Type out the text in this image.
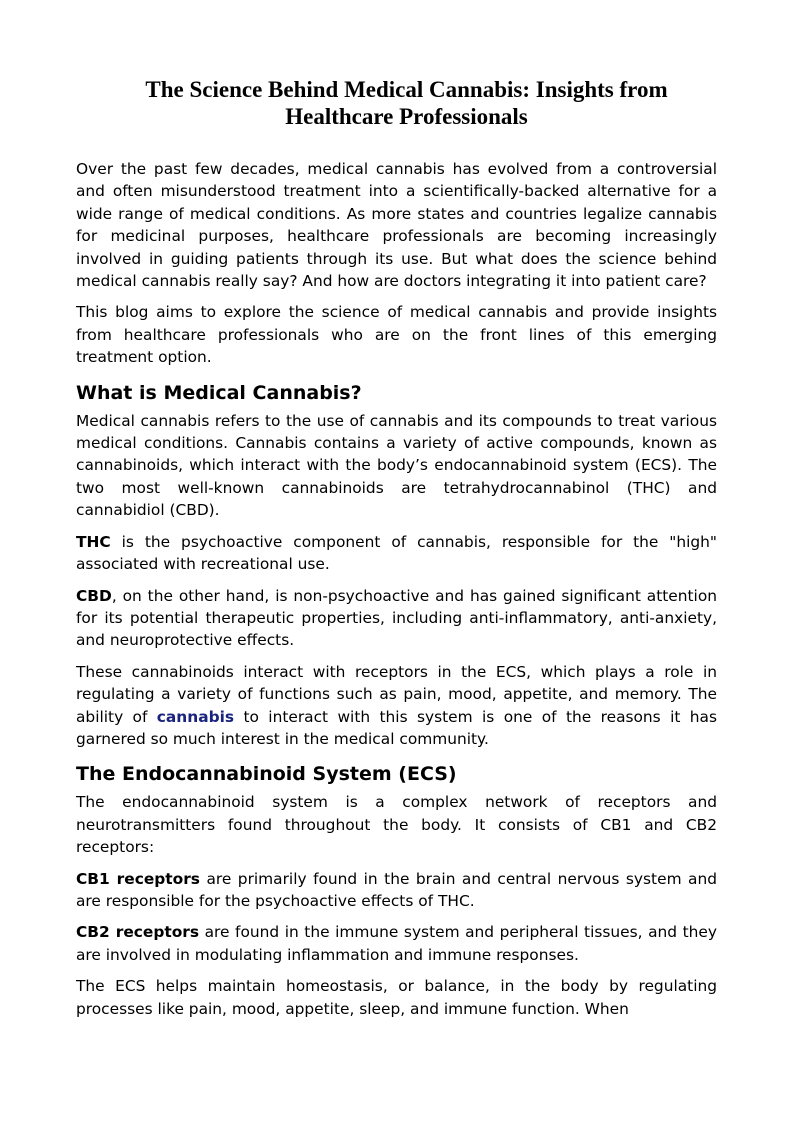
The Science Behind Medical Cannabis: Insights from
Healthcare Professionals

Over the past few decades, medical cannabis has evolved from a controversial and often misunderstood treatment into a scientifically-backed alternative for a wide range of medical conditions. As more states and countries legalize cannabis for medicinal purposes, healthcare professionals are becoming increasingly involved in guiding patients through its use. But what does the science behind medical cannabis really say? And how are doctors integrating it into patient care?

This blog aims to explore the science of medical cannabis and provide insights from healthcare professionals who are on the front lines of this emerging treatment option.

What is Medical Cannabis?

Medical cannabis refers to the use of cannabis and its compounds to treat various medical conditions. Cannabis contains a variety of active compounds, known as cannabinoids, which interact with the body’s endocannabinoid system (ECS). The two most well-known cannabinoids are tetrahydrocannabinol (THC) and cannabidiol (CBD).

THC is the psychoactive component of cannabis, responsible for the "high" associated with recreational use.

CBD, on the other hand, is non-psychoactive and has gained significant attention for its potential therapeutic properties, including anti-inflammatory, anti-anxiety, and neuroprotective effects.

These cannabinoids interact with receptors in the ECS, which plays a role in regulating a variety of functions such as pain, mood, appetite, and memory. The ability of cannabis to interact with this system is one of the reasons it has garnered so much interest in the medical community.

The Endocannabinoid System (ECS)

The endocannabinoid system is a complex network of receptors and neurotransmitters found throughout the body. It consists of CB1 and CB2 receptors:

CB1 receptors are primarily found in the brain and central nervous system and are responsible for the psychoactive effects of THC.

CB2 receptors are found in the immune system and peripheral tissues, and they are involved in modulating inflammation and immune responses.

The ECS helps maintain homeostasis, or balance, in the body by regulating processes like pain, mood, appetite, sleep, and immune function. When
